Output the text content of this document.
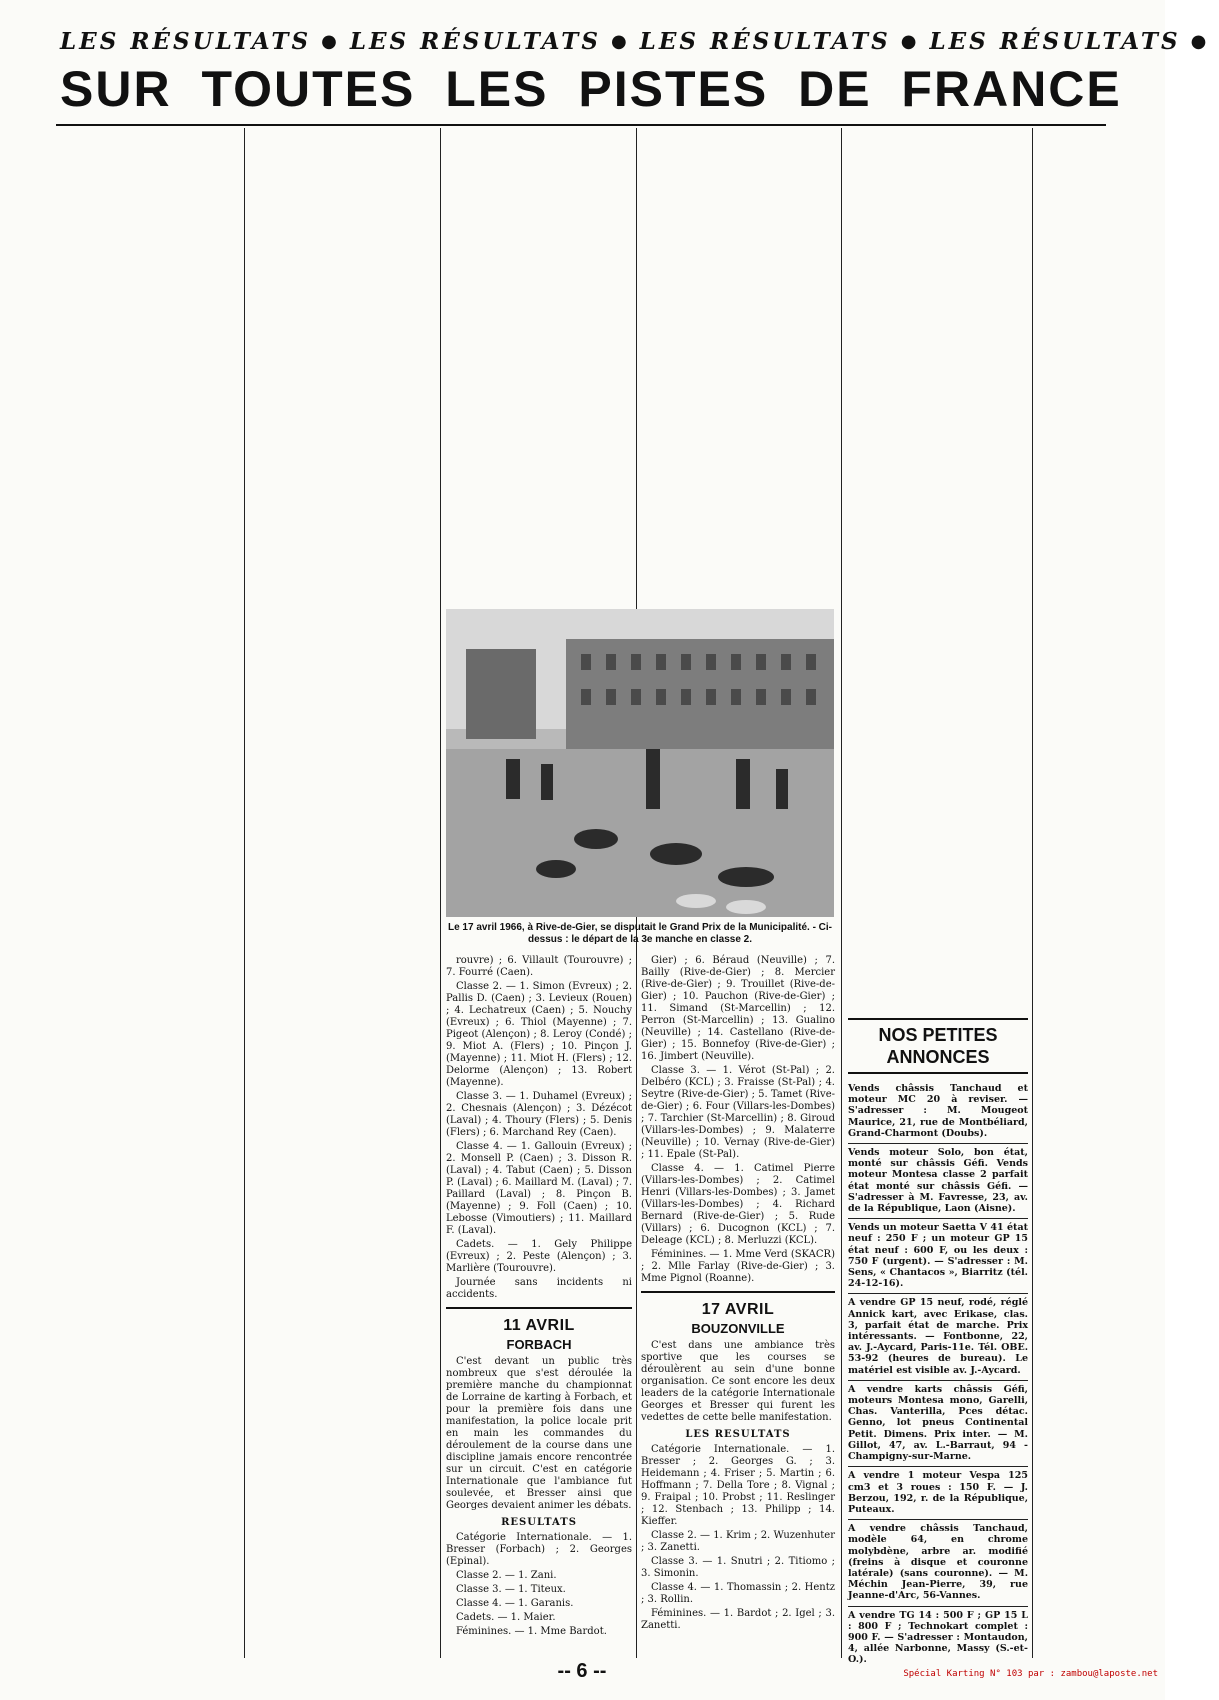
LES RÉSULTATS ● LES RÉSULTATS ● LES RÉSULTATS ● LES RÉSULTATS ●
SUR TOUTES LES PISTES DE FRANCE
Le 17 avril 1966, à Rive-de-Gier, se disputait le Grand Prix de la Municipalité. - Ci-dessus : le départ de la 3e manche en classe 2.

rouvre) ; 6. Villault (Tourouvre) ; 7. Fourré (Caen).

Classe 2. — 1. Simon (Evreux) ; 2. Pallis D. (Caen) ; 3. Levieux (Rouen) ; 4. Lechatreux (Caen) ; 5. Nouchy (Evreux) ; 6. Thiol (Mayenne) ; 7. Pigeot (Alençon) ; 8. Leroy (Condé) ; 9. Miot A. (Flers) ; 10. Pinçon J. (Mayenne) ; 11. Miot H. (Flers) ; 12. Delorme (Alençon) ; 13. Robert (Mayenne).

Classe 3. — 1. Duhamel (Evreux) ; 2. Chesnais (Alençon) ; 3. Dézécot (Laval) ; 4. Thoury (Flers) ; 5. Denis (Flers) ; 6. Marchand Rey (Caen).

Classe 4. — 1. Gallouin (Evreux) ; 2. Monsell P. (Caen) ; 3. Disson R. (Laval) ; 4. Tabut (Caen) ; 5. Disson P. (Laval) ; 6. Maillard M. (Laval) ; 7. Paillard (Laval) ; 8. Pinçon B. (Mayenne) ; 9. Foll (Caen) ; 10. Lebosse (Vimoutiers) ; 11. Maillard F. (Laval).

Cadets. — 1. Gely Philippe (Evreux) ; 2. Peste (Alençon) ; 3. Marlière (Tourouvre).

Journée sans incidents ni accidents.

11 AVRIL
FORBACH

C'est devant un public très nombreux que s'est déroulée la première manche du championnat de Lorraine de karting à Forbach, et pour la première fois dans une manifestation, la police locale prit en main les commandes du déroulement de la course dans une discipline jamais encore rencontrée sur un circuit. C'est en catégorie Internationale que l'ambiance fut soulevée, et Bresser ainsi que Georges devaient animer les débats.

RESULTATS

Catégorie Internationale. — 1. Bresser (Forbach) ; 2. Georges (Epinal).

Classe 2. — 1. Zani.

Classe 3. — 1. Titeux.

Classe 4. — 1. Garanis.

Cadets. — 1. Maier.

Féminines. — 1. Mme Bardot.

Gier) ; 6. Béraud (Neuville) ; 7. Bailly (Rive-de-Gier) ; 8. Mercier (Rive-de-Gier) ; 9. Trouillet (Rive-de-Gier) ; 10. Pauchon (Rive-de-Gier) ; 11. Simand (St-Marcellin) ; 12. Perron (St-Marcellin) ; 13. Gualino (Neuville) ; 14. Castellano (Rive-de-Gier) ; 15. Bonnefoy (Rive-de-Gier) ; 16. Jimbert (Neuville).

Classe 3. — 1. Vérot (St-Pal) ; 2. Delbéro (KCL) ; 3. Fraisse (St-Pal) ; 4. Seytre (Rive-de-Gier) ; 5. Tamet (Rive-de-Gier) ; 6. Four (Villars-les-Dombes) ; 7. Tarchier (St-Marcellin) ; 8. Giroud (Villars-les-Dombes) ; 9. Malaterre (Neuville) ; 10. Vernay (Rive-de-Gier) ; 11. Epale (St-Pal).

Classe 4. — 1. Catimel Pierre (Villars-les-Dombes) ; 2. Catimel Henri (Villars-les-Dombes) ; 3. Jamet (Villars-les-Dombes) ; 4. Richard Bernard (Rive-de-Gier) ; 5. Rude (Villars) ; 6. Ducognon (KCL) ; 7. Deleage (KCL) ; 8. Merluzzi (KCL).

Féminines. — 1. Mme Verd (SKACR) ; 2. Mlle Farlay (Rive-de-Gier) ; 3. Mme Pignol (Roanne).

17 AVRIL
BOUZONVILLE

C'est dans une ambiance très sportive que les courses se déroulèrent au sein d'une bonne organisation. Ce sont encore les deux leaders de la catégorie Internationale Georges et Bresser qui furent les vedettes de cette belle manifestation.

LES RESULTATS

Catégorie Internationale. — 1. Bresser ; 2. Georges G. ; 3. Heidemann ; 4. Friser ; 5. Martin ; 6. Hoffmann ; 7. Della Tore ; 8. Vignal ; 9. Fraipal ; 10. Probst ; 11. Reslinger ; 12. Stenbach ; 13. Philipp ; 14. Kieffer.

Classe 2. — 1. Krim ; 2. Wuzenhuter ; 3. Zanetti.

Classe 3. — 1. Snutri ; 2. Titiomo ; 3. Simonin.

Classe 4. — 1. Thomassin ; 2. Hentz ; 3. Rollin.

Féminines. — 1. Bardot ; 2. Igel ; 3. Zanetti.

NOS PETITES ANNONCES
Vends châssis Tanchaud et moteur MC 20 à reviser. — S'adresser : M. Mougeot Maurice, 21, rue de Montbéliard, Grand-Charmont (Doubs).
Vends moteur Solo, bon état, monté sur châssis Géfi. Vends moteur Montesa classe 2 parfait état monté sur châssis Géfi. — S'adresser à M. Favresse, 23, av. de la République, Laon (Aisne).
Vends un moteur Saetta V 41 état neuf : 250 F ; un moteur GP 15 état neuf : 600 F, ou les deux : 750 F (urgent). — S'adresser : M. Sens, « Chantacos », Biarritz (tél. 24-12-16).
A vendre GP 15 neuf, rodé, réglé Annick kart, avec Erikase, clas. 3, parfait état de marche. Prix intéressants. — Fontbonne, 22, av. J.-Aycard, Paris-11e. Tél. OBE. 53-92 (heures de bureau). Le matériel est visible av. J.-Aycard.
A vendre karts châssis Géfi, moteurs Montesa mono, Garelli, Chas. Vanterilla, Pces détac. Genno, lot pneus Continental Petit. Dimens. Prix inter. — M. Gillot, 47, av. L.-Barraut, 94 - Champigny-sur-Marne.
A vendre 1 moteur Vespa 125 cm3 et 3 roues : 150 F. — J. Berzou, 192, r. de la République, Puteaux.
A vendre châssis Tanchaud, modèle 64, en chrome molybdène, arbre ar. modifié (freins à disque et couronne latérale) (sans couronne). — M. Méchin Jean-Pierre, 39, rue Jeanne-d'Arc, 56-Vannes.
A vendre TG 14 : 500 F ; GP 15 L : 800 F ; Technokart complet : 900 F. — S'adresser : Montaudon, 4, allée Narbonne, Massy (S.-et-O.).
-- 6 --	Spécial Karting N° 103 par : zambou@laposte.net
